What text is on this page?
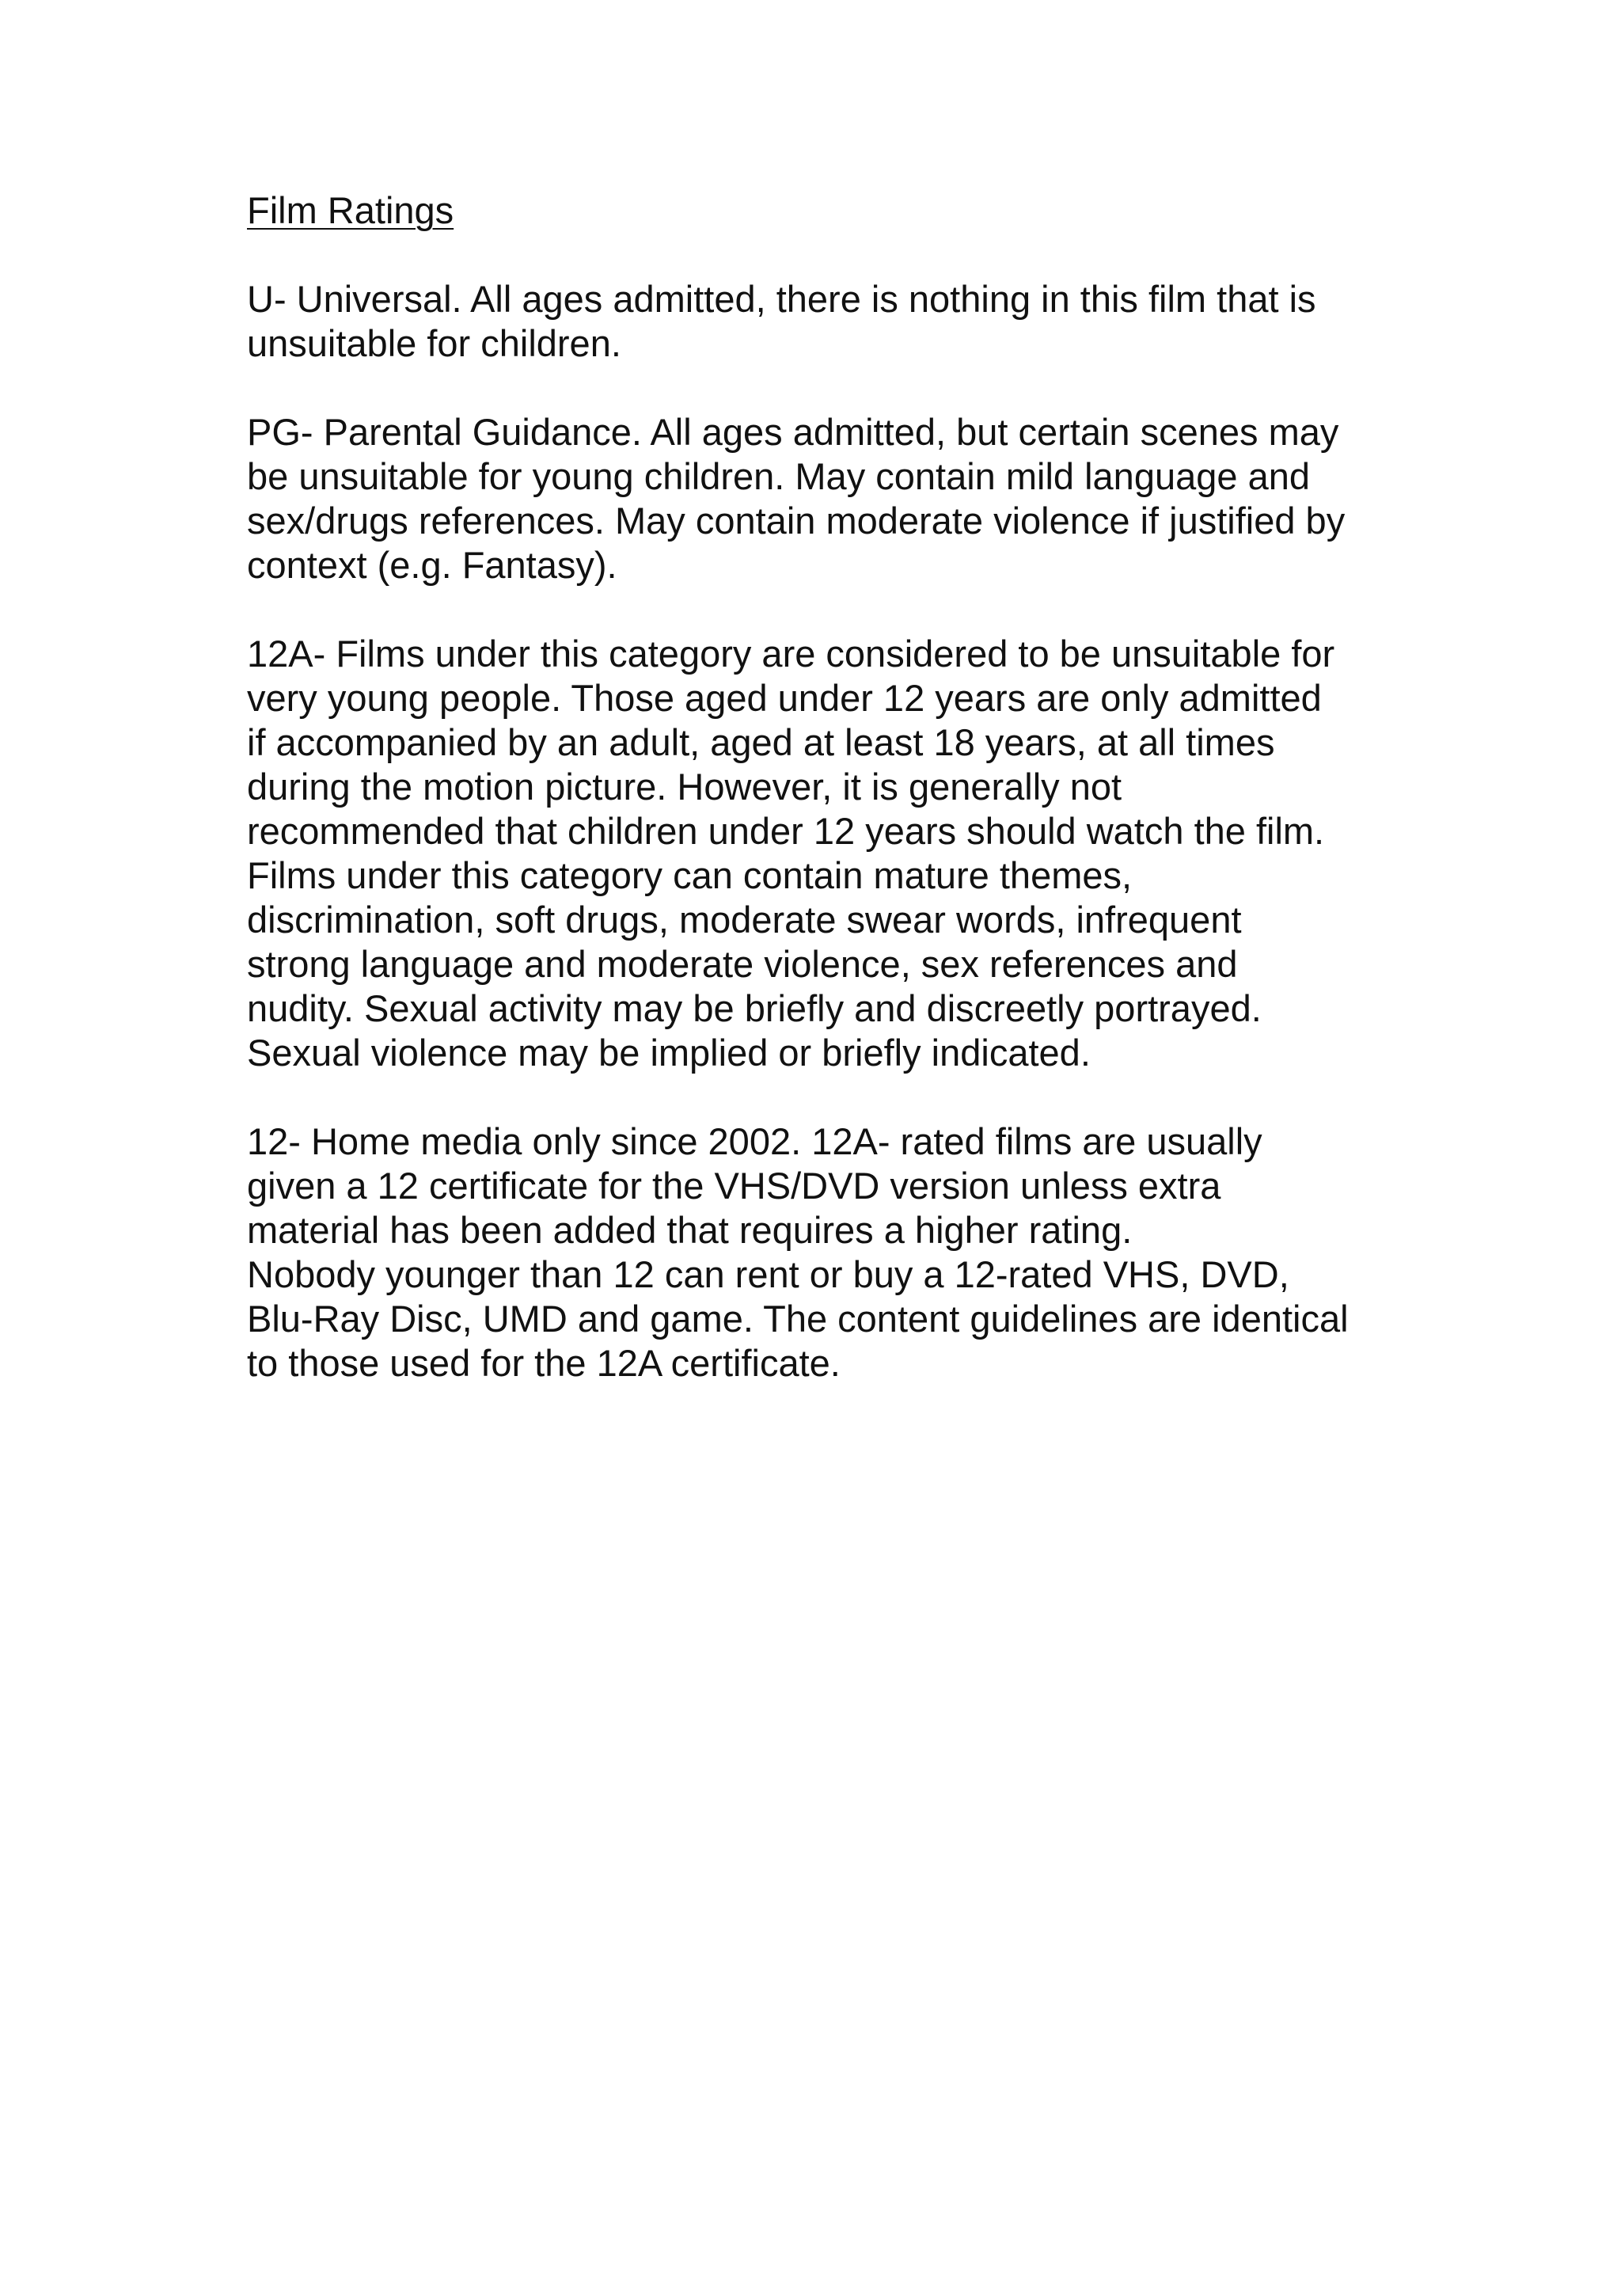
Film Ratings

U- Universal. All ages admitted, there is nothing in this film that is
unsuitable for children.

PG- Parental Guidance. All ages admitted, but certain scenes may
be unsuitable for young children. May contain mild language and
sex/drugs references. May contain moderate violence if justified by
context (e.g. Fantasy).

12A- Films under this category are considered to be unsuitable for
very young people. Those aged under 12 years are only admitted
if accompanied by an adult, aged at least 18 years, at all times
during the motion picture. However, it is generally not
recommended that children under 12 years should watch the film.
Films under this category can contain mature themes,
discrimination, soft drugs, moderate swear words, infrequent
strong language and moderate violence, sex references and
nudity. Sexual activity may be briefly and discreetly portrayed.
Sexual violence may be implied or briefly indicated.

12- Home media only since 2002. 12A- rated films are usually
given a 12 certificate for the VHS/DVD version unless extra
material has been added that requires a higher rating.
Nobody younger than 12 can rent or buy a 12-rated VHS, DVD,
Blu-Ray Disc, UMD and game. The content guidelines are identical
to those used for the 12A certificate.
